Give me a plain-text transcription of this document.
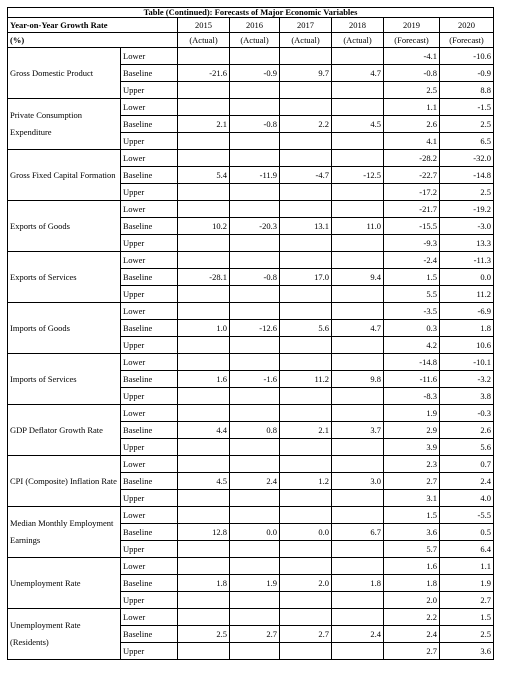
Table (Continued): Forecasts of Major Economic Variables							
Year-on-Year Growth Rate		2015	2016	2017	2018	2019	2020
(%)		(Actual)	(Actual)	(Actual)	(Actual)	(Forecast)	(Forecast)
Gross Domestic Product	Lower					-4.1	-10.6
	Baseline	-21.6	-0.9	9.7	4.7	-0.8	-0.9
	Upper					2.5	8.8
Private Consumption Expenditure	Lower					1.1	-1.5
	Baseline	2.1	-0.8	2.2	4.5	2.6	2.5
	Upper					4.1	6.5
Gross Fixed Capital Formation	Lower					-28.2	-32.0
	Baseline	5.4	-11.9	-4.7	-12.5	-22.7	-14.8
	Upper					-17.2	2.5
Exports of Goods	Lower					-21.7	-19.2
	Baseline	10.2	-20.3	13.1	11.0	-15.5	-3.0
	Upper					-9.3	13.3
Exports of Services	Lower					-2.4	-11.3
	Baseline	-28.1	-0.8	17.0	9.4	1.5	0.0
	Upper					5.5	11.2
Imports of Goods	Lower					-3.5	-6.9
	Baseline	1.0	-12.6	5.6	4.7	0.3	1.8
	Upper					4.2	10.6
Imports of Services	Lower					-14.8	-10.1
	Baseline	1.6	-1.6	11.2	9.8	-11.6	-3.2
	Upper					-8.3	3.8
GDP Deflator Growth Rate	Lower					1.9	-0.3
	Baseline	4.4	0.8	2.1	3.7	2.9	2.6
	Upper					3.9	5.6
CPI (Composite) Inflation Rate	Lower					2.3	0.7
	Baseline	4.5	2.4	1.2	3.0	2.7	2.4
	Upper					3.1	4.0
Median Monthly Employment Earnings	Lower					1.5	-5.5
	Baseline	12.8	0.0	0.0	6.7	3.6	0.5
	Upper					5.7	6.4
Unemployment Rate	Lower					1.6	1.1
	Baseline	1.8	1.9	2.0	1.8	1.8	1.9
	Upper					2.0	2.7
Unemployment Rate (Residents)	Lower					2.2	1.5
	Baseline	2.5	2.7	2.7	2.4	2.4	2.5
	Upper					2.7	3.6
